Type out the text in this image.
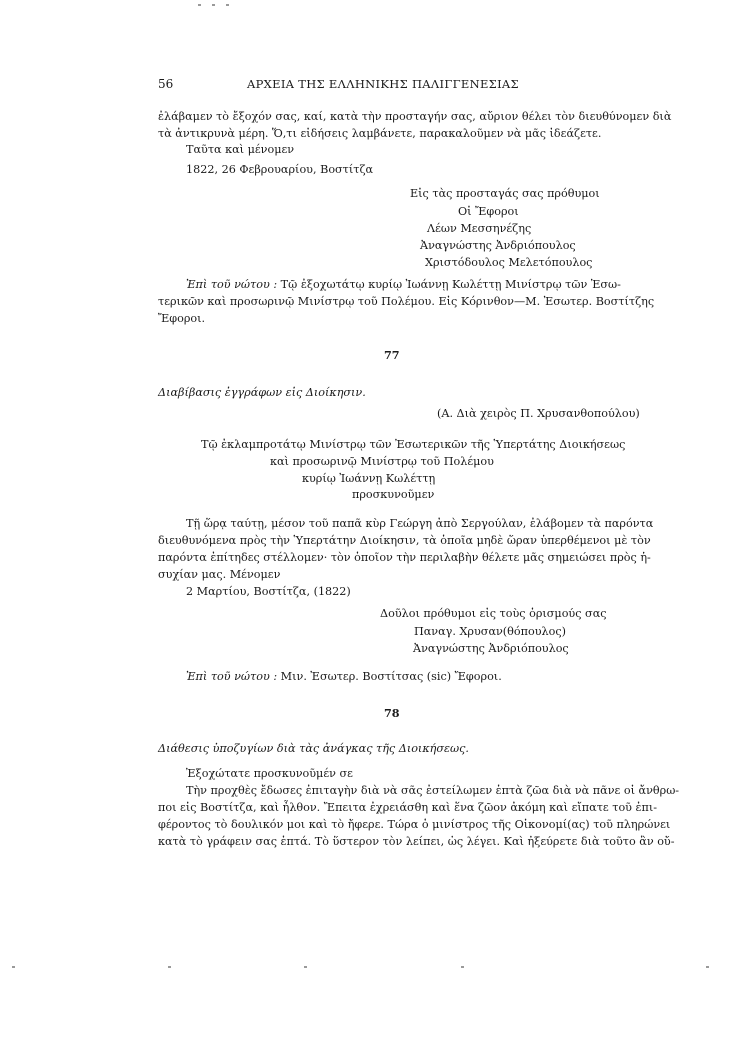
56	ΑΡΧΕΙΑ ΤΗΣ ΕΛΛΗΝΙΚΗΣ ΠΑΛΙΓΓΕΝΕΣΙΑΣ
ἐλάβαμεν τὸ ἔξοχόν σας, καί, κατὰ τὴν προσταγήν σας, αὔριον θέλει τὸν διευθύνομεν διὰ
τὰ ἀντικρυνὰ μέρη. Ὅ,τι εἰδήσεις λαμβάνετε, παρακαλοῦμεν νὰ μᾶς ἰδεάζετε.
Ταῦτα καὶ μένομεν
1822, 26 Φεβρουαρίου, Βοστίτζα
Εἰς τὰς προσταγάς σας πρόθυμοι
Οἱ Ἔφοροι
Λέων Μεσσηνέζης
Ἀναγνώστης Ἀνδριόπουλος
Χριστόδουλος Μελετόπουλος
Ἐπὶ τοῦ νώτου : Τῷ ἐξοχωτάτῳ κυρίῳ Ἰωάννῃ Κωλέττῃ Μινίστρῳ τῶν Ἐσω-
τερικῶν καὶ προσωρινῷ Μινίστρῳ τοῦ Πολέμου. Εἰς Κόρινθον—Μ. Ἐσωτερ. Βοστίτζης
Ἔφοροι.
77
Διαβίβασις ἐγγράφων εἰς Διοίκησιν.
(Α. Διὰ χειρὸς Π. Χρυσανθοπούλου)
Τῷ ἐκλαμπροτάτῳ Μινίστρῳ τῶν Ἐσωτερικῶν τῆς Ὑπερτάτης Διοικήσεως
καὶ προσωρινῷ Μινίστρῳ τοῦ Πολέμου
κυρίῳ Ἰωάννῃ Κωλέττῃ
προσκυνοῦμεν
Τῇ ὥρᾳ ταύτῃ, μέσον τοῦ παπᾶ κὺρ Γεώργη ἀπὸ Σεργούλαν, ἐλάβομεν τὰ παρόντα
διευθυνόμενα πρὸς τὴν Ὑπερτάτην Διοίκησιν, τὰ ὁποῖα μηδὲ ὥραν ὑπερθέμενοι μὲ τὸν
παρόντα ἐπίτηδες στέλλομεν· τὸν ὁποῖον τὴν περιλαβὴν θέλετε μᾶς σημειώσει πρὸς ἡ-
συχίαν μας. Μένομεν
2 Μαρτίου, Βοστίτζα, (1822)
Δοῦλοι πρόθυμοι εἰς τοὺς ὁρισμούς σας
Παναγ. Χρυσαν(θόπουλος)
Ἀναγνώστης Ἀνδριόπουλος
Ἐπὶ τοῦ νώτου : Μιν. Ἐσωτερ. Βοστίτσας (sic) Ἔφοροι.
78
Διάθεσις ὑποζυγίων διὰ τὰς ἀνάγκας τῆς Διοικήσεως.
Ἐξοχώτατε προσκυνοῦμέν σε
Τὴν προχθὲς ἔδωσες ἐπιταγὴν διὰ νὰ σᾶς ἐστείλωμεν ἑπτὰ ζῶα διὰ νὰ πᾶνε οἱ ἄνθρω-
ποι εἰς Βοστίτζα, καὶ ἦλθον. Ἔπειτα ἐχρειάσθη καὶ ἕνα ζῶον ἀκόμη καὶ εἴπατε τοῦ ἐπι-
φέροντος τὸ δουλικόν μοι καὶ τὸ ἤφερε. Τώρα ὁ μινίστρος τῆς Οἰκονομί(ας) τοῦ πληρώνει
κατὰ τὸ γράφειν σας ἑπτά. Τὸ ὕστερον τὸν λείπει, ὡς λέγει. Καὶ ἠξεύρετε διὰ τοῦτο ἂν οὔ-
